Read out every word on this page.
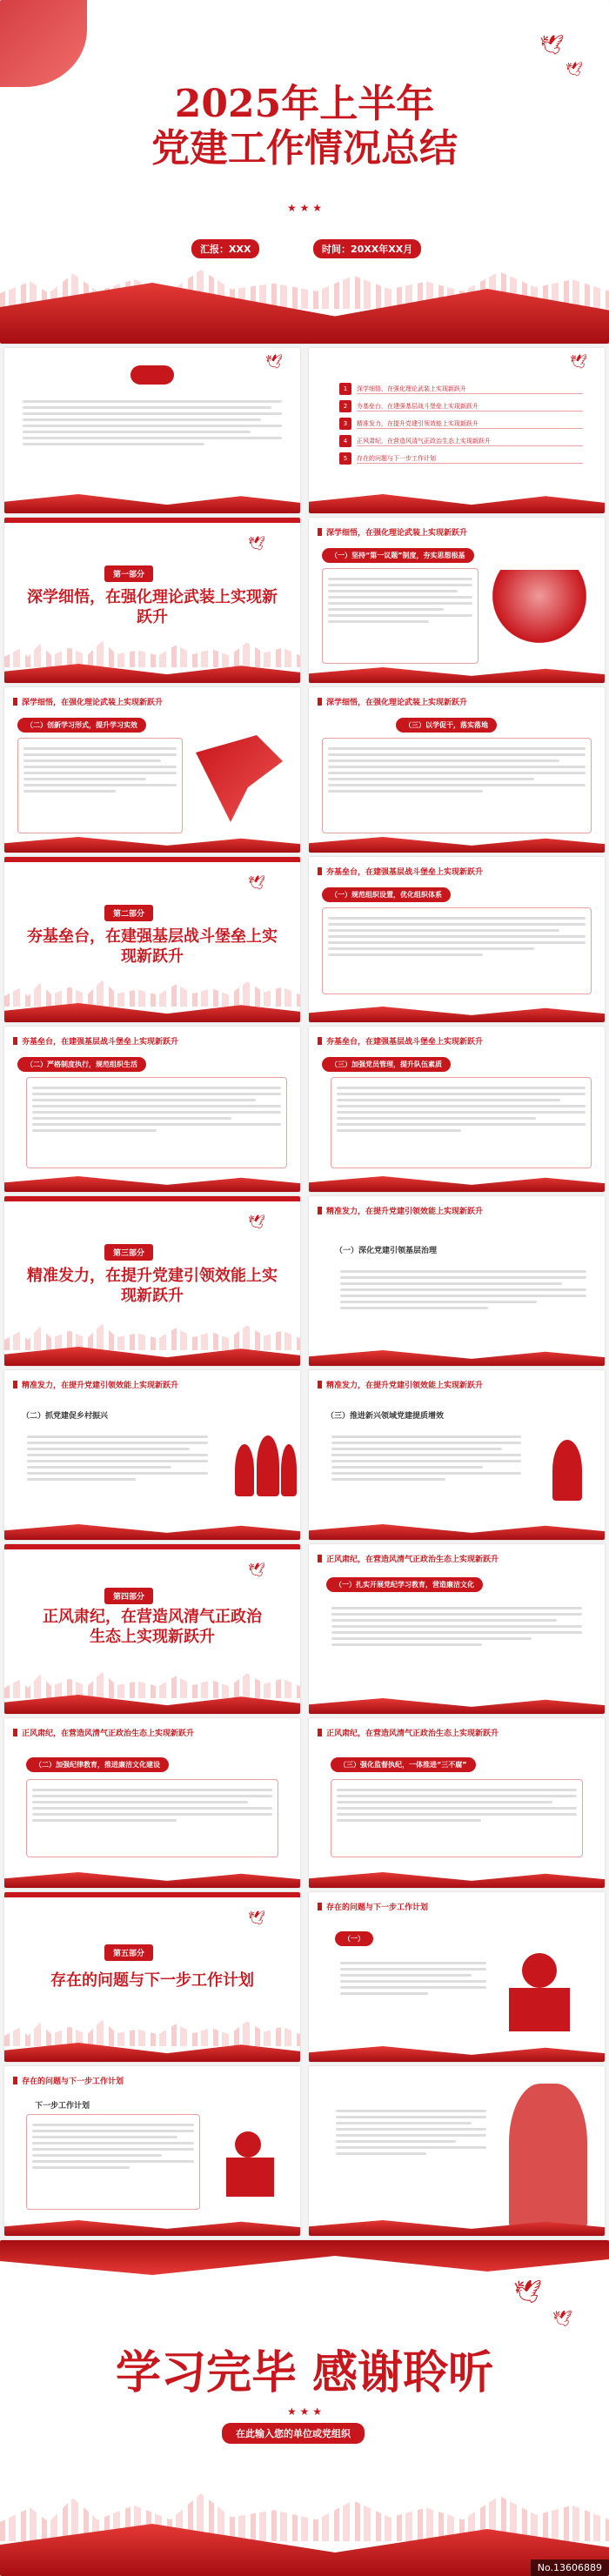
🕊
🕊
2025年上半年
党建工作情况总结
★ ★ ★
汇报：XXX	时间：20XX年XX月
🕊	🕊
1	深学细悟，在强化理论武装上实现新跃升
2	夯基垒台，在建强基层战斗堡垒上实现新跃升
3	精准发力，在提升党建引领效能上实现新跃升
4	正风肃纪，在营造风清气正政治生态上实现新跃升
5	存在的问题与下一步工作计划
🕊
第一部分
深学细悟，在强化理论武装上实现新跃升
深学细悟，在强化理论武装上实现新跃升
（一）坚持“第一议题”制度，夯实思想根基
深学细悟，在强化理论武装上实现新跃升
（二）创新学习形式，提升学习实效
深学细悟，在强化理论武装上实现新跃升
（三）以学促干，落实落地
🕊
第二部分
夯基垒台，在建强基层战斗堡垒上实现新跃升
夯基垒台，在建强基层战斗堡垒上实现新跃升
（一）规范组织设置，优化组织体系
夯基垒台，在建强基层战斗堡垒上实现新跃升
（二）严格制度执行，规范组织生活
夯基垒台，在建强基层战斗堡垒上实现新跃升
（三）加强党员管理，提升队伍素质
🕊
第三部分
精准发力，在提升党建引领效能上实现新跃升
精准发力，在提升党建引领效能上实现新跃升
（一）深化党建引领基层治理
精准发力，在提升党建引领效能上实现新跃升
（二）抓党建促乡村振兴
精准发力，在提升党建引领效能上实现新跃升
（三）推进新兴领域党建提质增效
🕊
第四部分
正风肃纪，在营造风清气正政治生态上实现新跃升
正风肃纪，在营造风清气正政治生态上实现新跃升
（一）扎实开展党纪学习教育，营造廉洁文化
正风肃纪，在营造风清气正政治生态上实现新跃升
（二）加强纪律教育，推进廉洁文化建设
正风肃纪，在营造风清气正政治生态上实现新跃升
（三）强化监督执纪，一体推进“三不腐”
🕊
第五部分
存在的问题与下一步工作计划
存在的问题与下一步工作计划
（一）
存在的问题与下一步工作计划
下一步工作计划
🕊
🕊
学习完毕 感谢聆听
★ ★ ★
在此输入您的单位或党组织
No.13606889
